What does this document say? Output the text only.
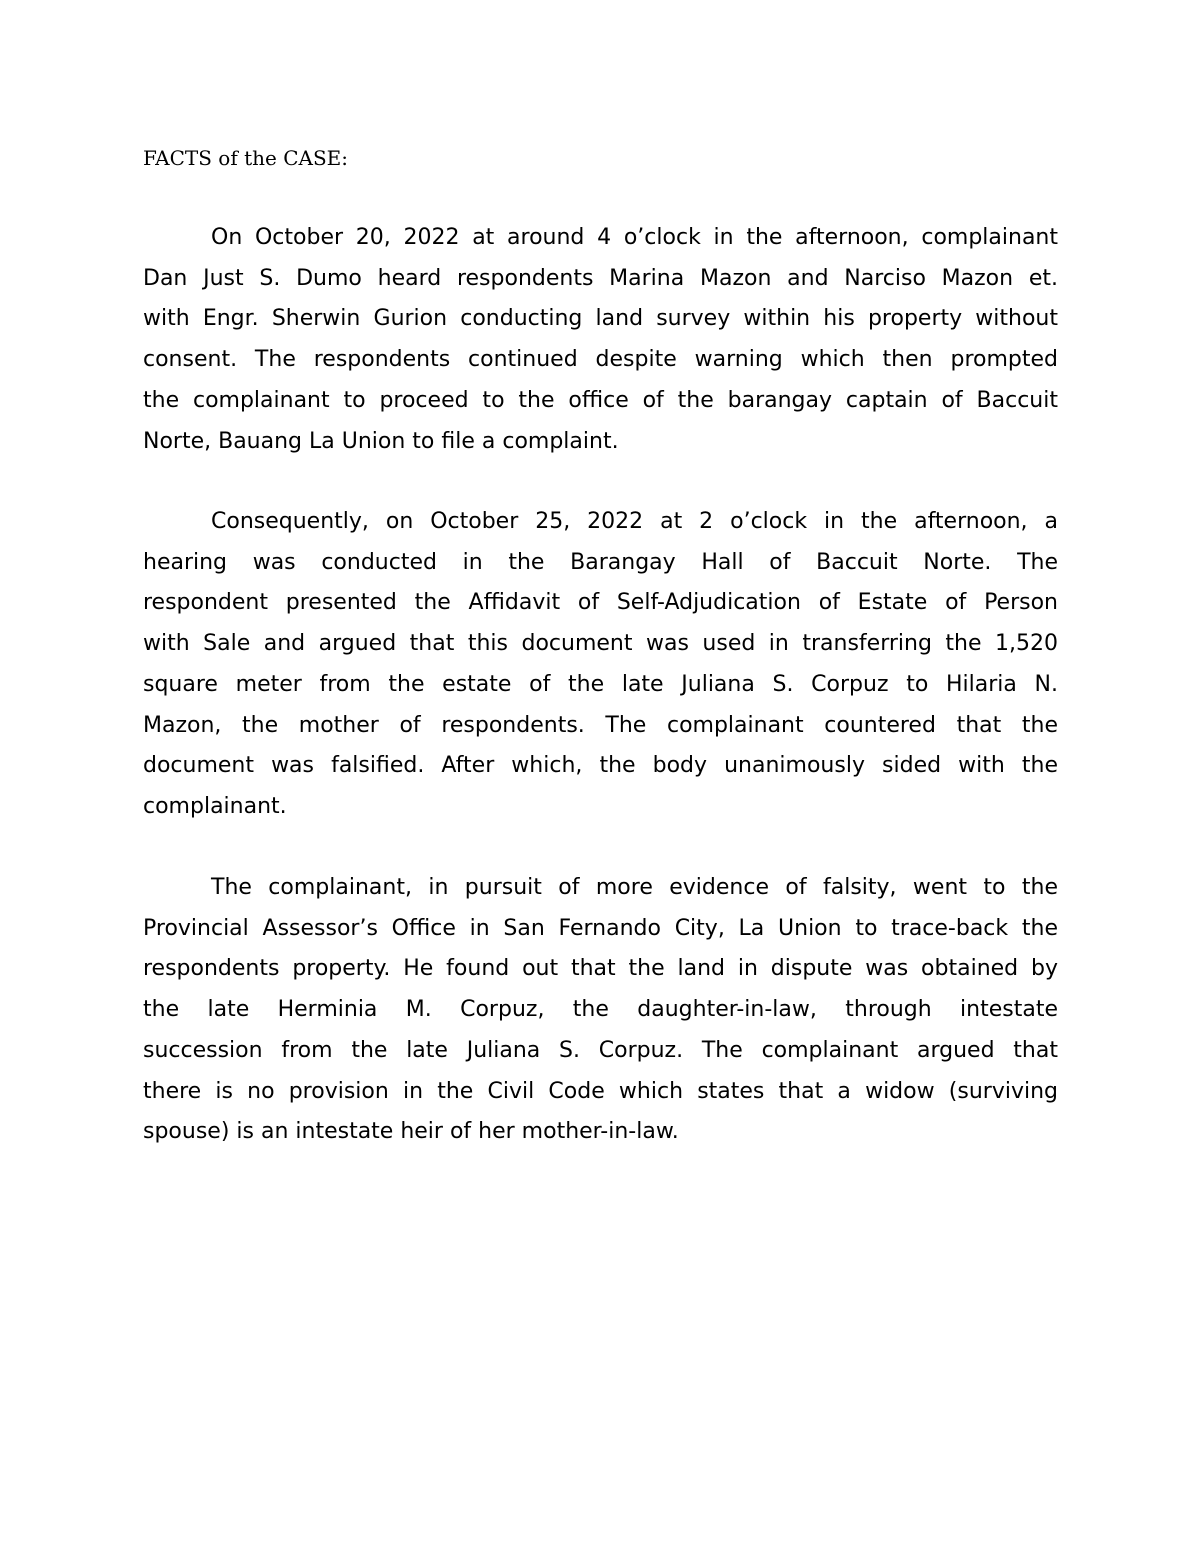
FACTS of the CASE:
On October 20, 2022 at around 4 o’clock in the afternoon, complainant
Dan Just S. Dumo heard respondents Marina Mazon and Narciso Mazon et.
with Engr. Sherwin Gurion conducting land survey within his property without
consent. The respondents continued despite warning which then prompted
the complainant to proceed to the office of the barangay captain of Baccuit
Norte, Bauang La Union to file a complaint.
Consequently, on October 25, 2022 at 2 o’clock in the afternoon, a
hearing was conducted in the Barangay Hall of Baccuit Norte. The
respondent presented the Affidavit of Self-Adjudication of Estate of Person
with Sale and argued that this document was used in transferring the 1,520
square meter from the estate of the late Juliana S. Corpuz to Hilaria N.
Mazon, the mother of respondents. The complainant countered that the
document was falsified. After which, the body unanimously sided with the
complainant.
The complainant, in pursuit of more evidence of falsity, went to the
Provincial Assessor’s Office in San Fernando City, La Union to trace-back the
respondents property. He found out that the land in dispute was obtained by
the late Herminia M. Corpuz, the daughter-in-law, through intestate
succession from the late Juliana S. Corpuz. The complainant argued that
there is no provision in the Civil Code which states that a widow (surviving
spouse) is an intestate heir of her mother-in-law.
